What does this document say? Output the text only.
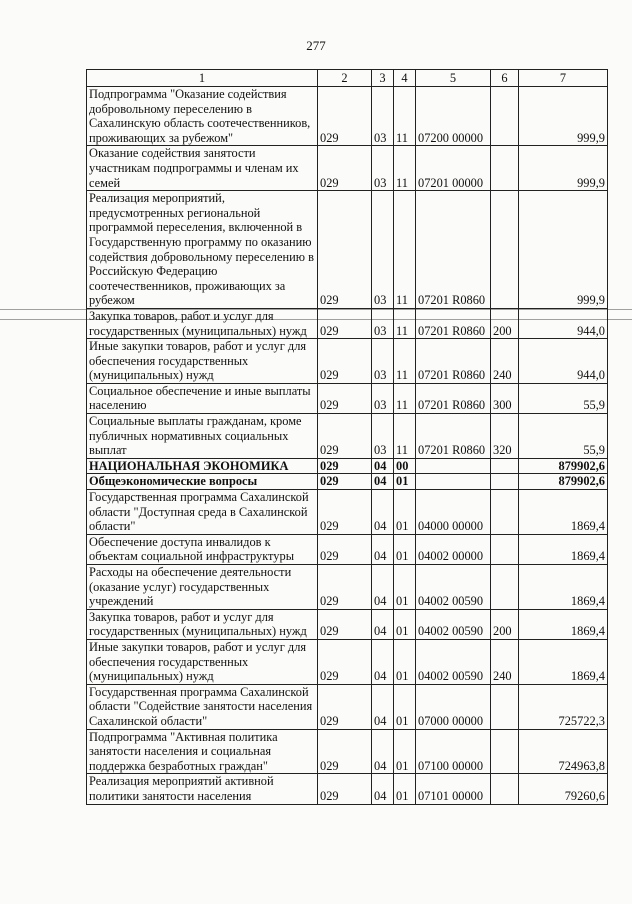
277
1	2	3	4	5	6	7
Подпрограмма "Оказание содействия добровольному переселению в Сахалинскую область соотечественников, проживающих за рубежом"	029	03	11	07200 00000		999,9
Оказание содействия занятости участникам подпрограммы и членам их семей	029	03	11	07201 00000		999,9
Реализация мероприятий, предусмотренных региональной программой переселения, включенной в Государственную программу по оказанию содействия добровольному переселению в Российскую Федерацию соотечественников, проживающих за рубежом	029	03	11	07201 R0860		999,9
Закупка товаров, работ и услуг для государственных (муниципальных) нужд	029	03	11	07201 R0860	200	944,0
Иные закупки товаров, работ и услуг для обеспечения государственных (муниципальных) нужд	029	03	11	07201 R0860	240	944,0
Социальное обеспечение и иные выплаты населению	029	03	11	07201 R0860	300	55,9
Социальные выплаты гражданам, кроме публичных нормативных социальных выплат	029	03	11	07201 R0860	320	55,9
НАЦИОНАЛЬНАЯ ЭКОНОМИКА	029	04	00			879902,6
Общеэкономические вопросы	029	04	01			879902,6
Государственная программа Сахалинской области "Доступная среда в Сахалинской области"	029	04	01	04000 00000		1869,4
Обеспечение доступа инвалидов к объектам социальной инфраструктуры	029	04	01	04002 00000		1869,4
Расходы на обеспечение деятельности (оказание услуг) государственных учреждений	029	04	01	04002 00590		1869,4
Закупка товаров, работ и услуг для государственных (муниципальных) нужд	029	04	01	04002 00590	200	1869,4
Иные закупки товаров, работ и услуг для обеспечения государственных (муниципальных) нужд	029	04	01	04002 00590	240	1869,4
Государственная программа Сахалинской области "Содействие занятости населения Сахалинской области"	029	04	01	07000 00000		725722,3
Подпрограмма "Активная политика занятости населения и социальная поддержка безработных граждан"	029	04	01	07100 00000		724963,8
Реализация мероприятий активной политики занятости населения	029	04	01	07101 00000		79260,6
